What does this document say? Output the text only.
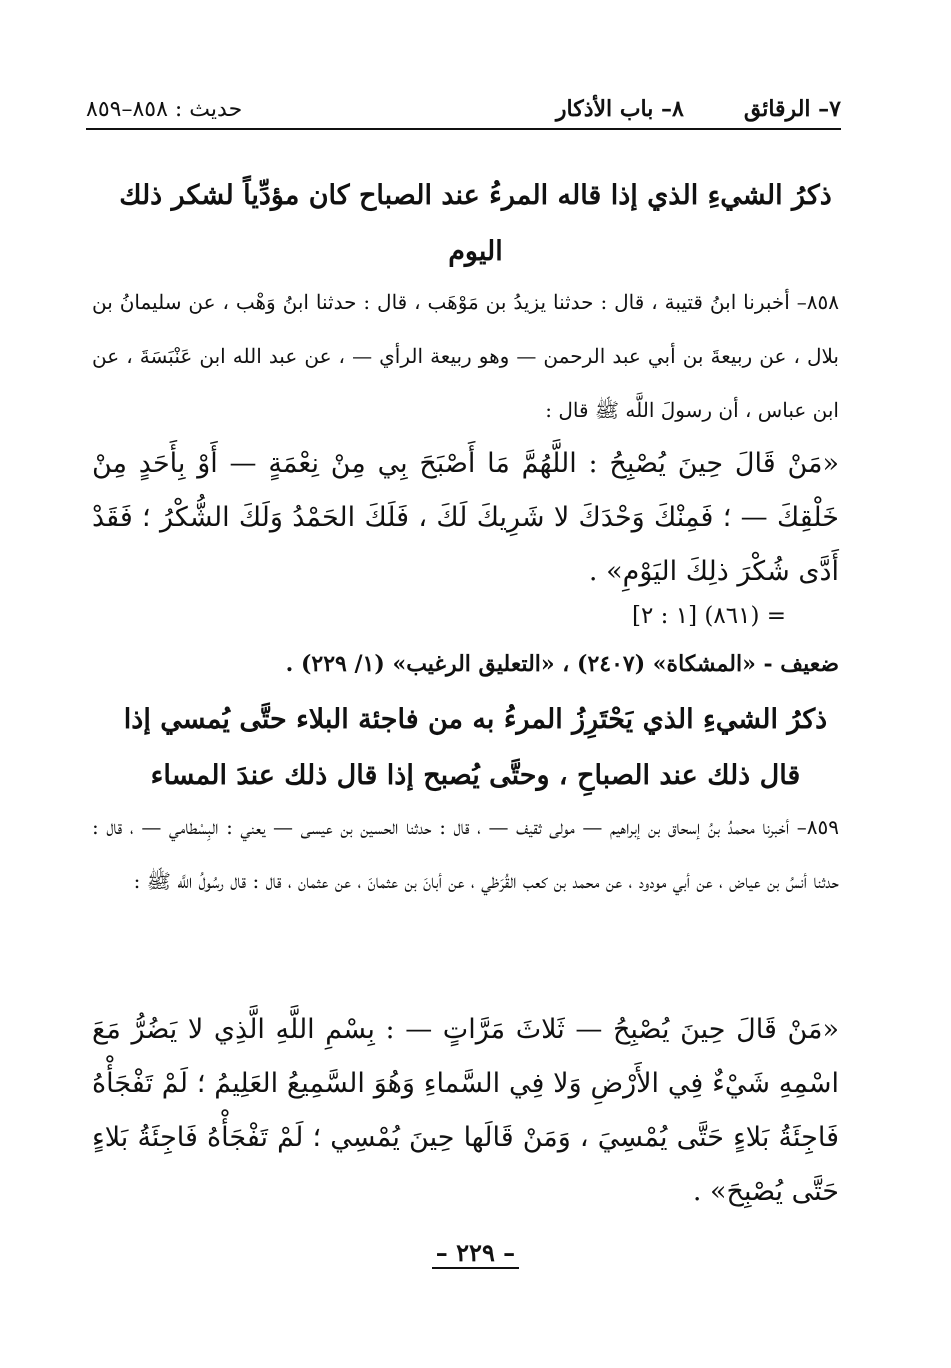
٧– الرقائق
٨– باب الأذكار
حديث : ٨٥٨–٨٥٩
ذكرُ الشيءِ الذي إذا قاله المرءُ عند الصباح كان مؤدِّياً لشكر ذلك اليوم
٨٥٨– أخبرنا ابنُ قتيبة ، قال : حدثنا يزيدُ بن مَوْهَب ، قال : حدثنا ابنُ وَهْب ، عن سليمانُ بن بلال ، عن ربيعةَ بن أبي عبد الرحمن — وهو ربيعة الرأي — ، عن عبد الله ابن عَنْبَسَةَ ، عن ابن عباس ، أن رسولَ اللَّه ﷺ قال :
«مَنْ قَالَ حِينَ يُصْبِحُ : اللَّهُمَّ مَا أَصْبَحَ بِي مِنْ نِعْمَةٍ — أَوْ بِأَحَدٍ مِنْ خَلْقِكَ — ؛ فَمِنْكَ وَحْدَكَ لا شَرِيكَ لَكَ ، فَلَكَ الحَمْدُ وَلَكَ الشُّكْرُ ؛ فَقَدْ أَدَّى شُكْرَ ذلِكَ اليَوْمِ» .
= (٨٦١) [١ : ٢]
ضعيف - «المشكاة» (٢٤٠٧) ، «التعليق الرغيب» (١/ ٢٢٩) .
ذكرُ الشيءِ الذي يَحْتَرِزُ المرءُ به من فاجئة البلاء حتَّى يُمسي إذا قال ذلك عند الصباحِ ، وحتَّى يُصبح إذا قال ذلك عندَ المساء
٨٥٩– أخبرنا محمدُ بنُ إسحاق بن إبراهيم — مولى ثقيف — ، قال : حدثنا الحسين بن عيسى — يعني : البِسْطامي — ، قال : حدثنا أنسُ بن عياض ، عن أبي مودود ، عن محمد بن كعب القُرَظي ، عن أبانَ بن عثمانَ ، عن عثمان ، قال : قال رسُولُ اللَّه ﷺ :
«مَنْ قَالَ حِينَ يُصْبِحُ — ثَلاثَ مَرَّاتٍ — : بِسْمِ اللَّهِ الَّذِي لا يَضُرُّ مَعَ اسْمِهِ شَيْءٌ فِي الأَرْضِ وَلا فِي السَّماءِ وَهُوَ السَّمِيعُ العَلِيمُ ؛ لَمْ تَفْجَأْهُ فَاجِئَةُ بَلاءٍ حَتَّى يُمْسِيَ ، وَمَنْ قَالَها حِينَ يُمْسِي ؛ لَمْ تَفْجَأْهُ فَاجِئَةُ بَلاءٍ حَتَّى يُصْبِحَ» .
– ٢٢٩ –
